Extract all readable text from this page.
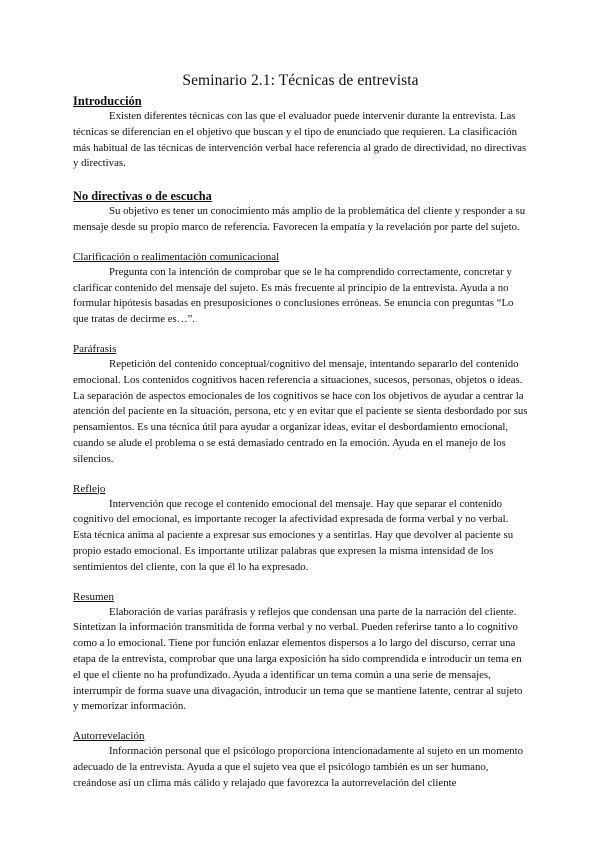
Seminario 2.1: Técnicas de entrevista
Introducción

Existen diferentes técnicas con las que el evaluador puede intervenir durante la entrevista. Las técnicas se diferencian en el objetivo que buscan y el tipo de enunciado que requieren. La clasificación más habitual de las técnicas de intervención verbal hace referencia al grado de directividad, no directivas y directivas.

No directivas o de escucha

Su objetivo es tener un conocimiento más amplio de la problemática del cliente y responder a su mensaje desde su propio marco de referencia. Favorecen la empatía y la revelación por parte del sujeto.

Clarificación o realimentación comunicacional

Pregunta con la intención de comprobar que se le ha comprendido correctamente, concretar y clarificar contenido del mensaje del sujeto. Es más frecuente al principio de la entrevista. Ayuda a no formular hipótesis basadas en presuposiciones o conclusiones erróneas. Se enuncia con preguntas “Lo que tratas de decirme es…”.

Paráfrasis

Repetición del contenido conceptual/cognitivo del mensaje, intentando separarlo del contenido emocional. Los contenidos cognitivos hacen referencia a situaciones, sucesos, personas, objetos o ideas. La separación de aspectos emocionales de los cognitivos se hace con los objetivos de ayudar a centrar la atención del paciente en la situación, persona, etc y en evitar que el paciente se sienta desbordado por sus pensamientos. Es una técnica útil para ayudar a organizar ideas, evitar el desbordamiento emocional, cuando se alude el problema o se está demasiado centrado en la emoción. Ayuda en el manejo de los silencios.

Reflejo

Intervención que recoge el contenido emocional del mensaje. Hay que separar el contenido cognitivo del emocional, es importante recoger la afectividad expresada de forma verbal y no verbal. Esta técnica anima al paciente a expresar sus emociones y a sentirlas. Hay que devolver al paciente su propio estado emocional. Es importante utilizar palabras que expresen la misma intensidad de los sentimientos del cliente, con la que él lo ha expresado.

Resumen

Elaboración de varias paráfrasis y reflejos que condensan una parte de la narración del cliente. Sintetizan la información transmitida de forma verbal y no verbal. Pueden referirse tanto a lo cognitivo como a lo emocional. Tiene por función enlazar elementos dispersos a lo largo del discurso, cerrar una etapa de la entrevista, comprobar que una larga exposición ha sido comprendida e introducir un tema en el que el cliente no ha profundizado. Ayuda a identificar un tema común a una serie de mensajes, interrumpir de forma suave una divagación, introducir un tema que se mantiene latente, centrar al sujeto y memorizar información.

Autorrevelación

Información personal que el psicólogo proporciona intencionadamente al sujeto en un momento adecuado de la entrevista. Ayuda a que el sujeto vea que el psicólogo también es un ser humano, creándose así un clima más cálido y relajado que favorezca la autorrevelación del cliente
